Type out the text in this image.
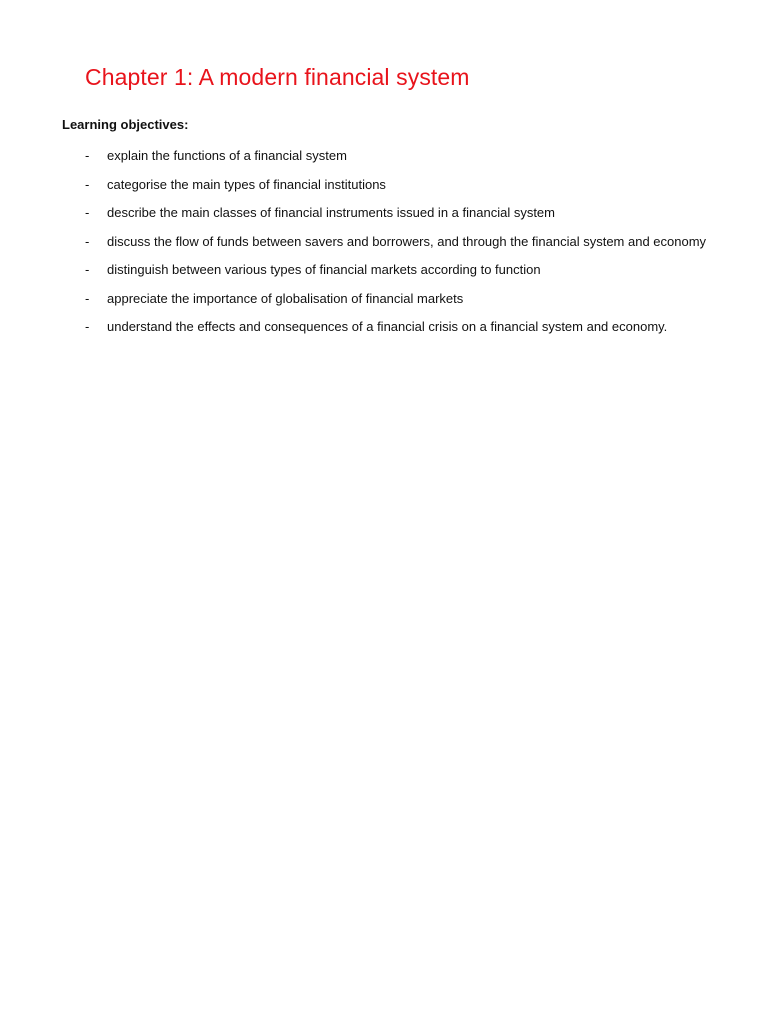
Chapter 1: A modern financial system

Learning objectives:

- explain the functions of a financial system
- categorise the main types of financial institutions
- describe the main classes of financial instruments issued in a financial system
- discuss the flow of funds between savers and borrowers, and through the financial system and economy
- distinguish between various types of financial markets according to function
- appreciate the importance of globalisation of financial markets
- understand the effects and consequences of a financial crisis on a financial system and economy.
